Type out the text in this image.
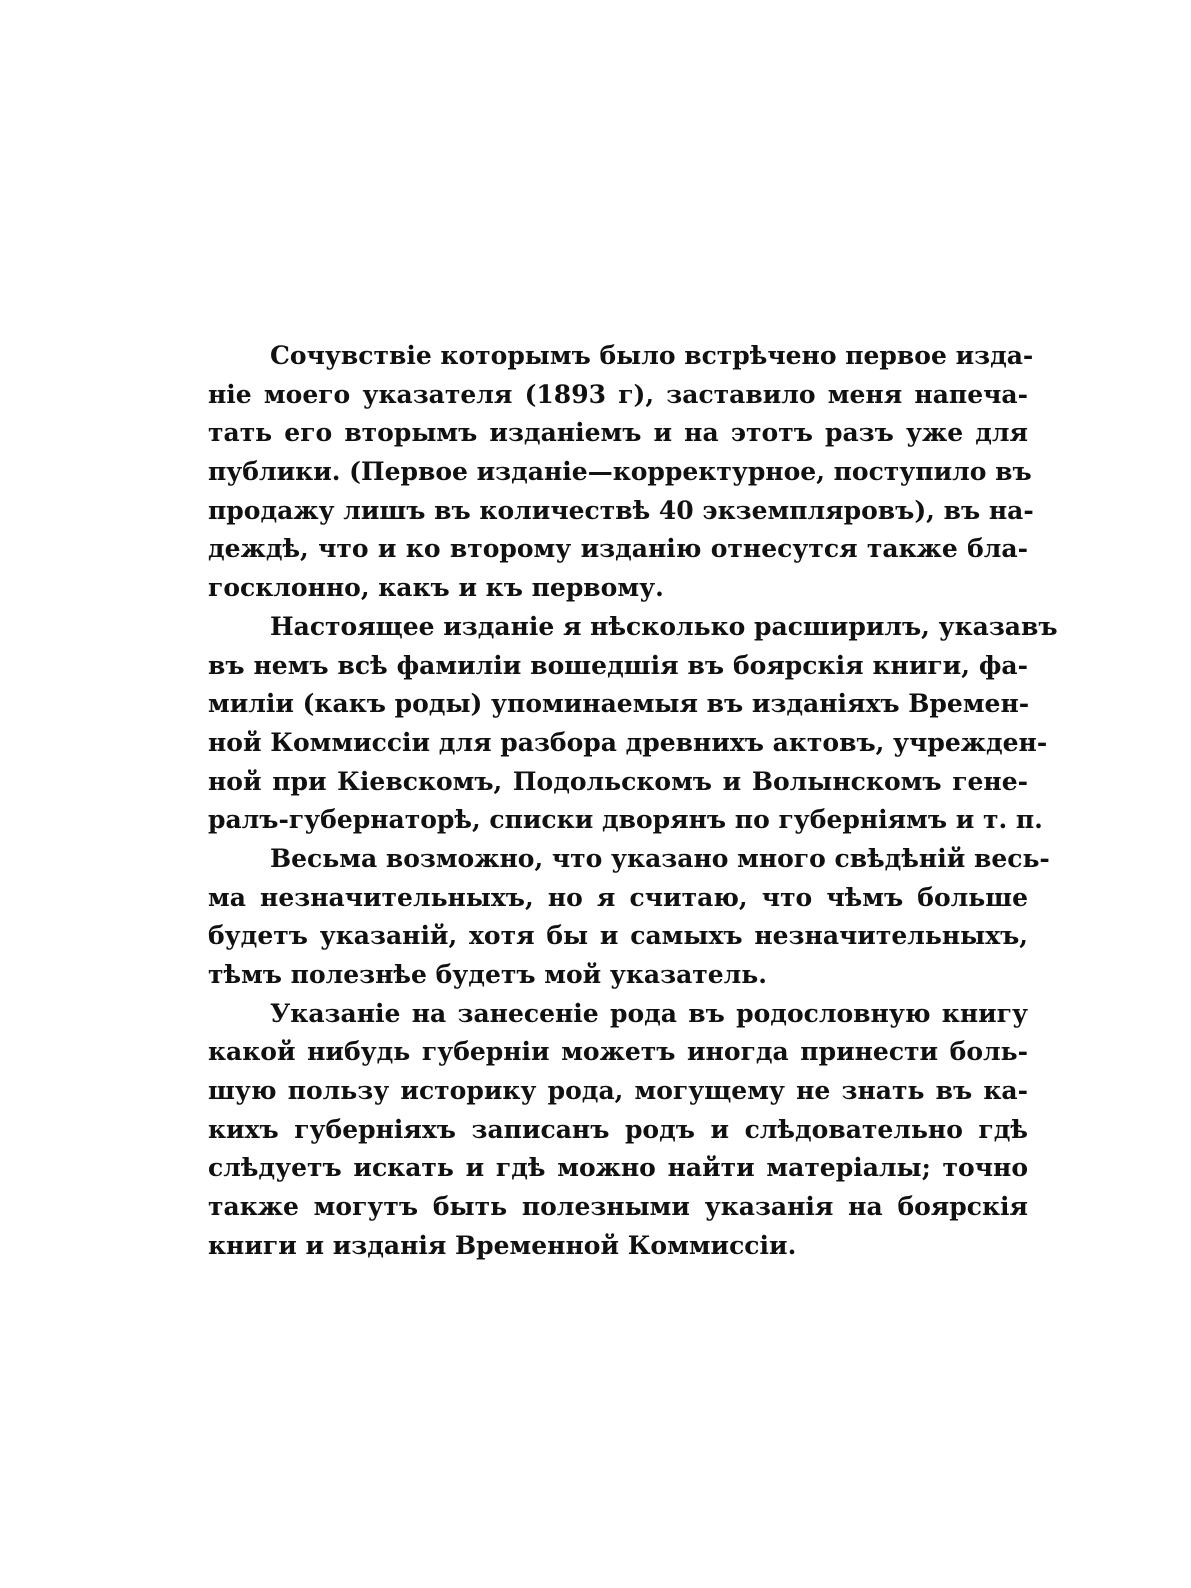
Сочувствіе которымъ было встрѣчено первое изда-
ніе моего указателя (1893 г), заставило меня напеча-
тать его вторымъ изданіемъ и на этотъ разъ уже для
публики. (Первое изданіе—корректурное, поступило въ
продажу лишъ въ количествѣ 40 экземпляровъ), въ на-
деждѣ, что и ко второму изданію отнесутся также бла-
госклонно, какъ и къ первому.
Настоящее изданіе я нѣсколько расширилъ, указавъ
въ немъ всѣ фамиліи вошедшія въ боярскія книги, фа-
миліи (какъ роды) упоминаемыя въ изданіяхъ Времен-
ной Коммиссіи для разбора древнихъ актовъ, учрежден-
ной при Кіевскомъ, Подольскомъ и Волынскомъ гене-
ралъ-губернаторѣ, списки дворянъ по губерніямъ и т. п.
Весьма возможно, что указано много свѣдѣній весь-
ма незначительныхъ, но я считаю, что чѣмъ больше
будетъ указаній, хотя бы и самыхъ незначительныхъ,
тѣмъ полезнѣе будетъ мой указатель.
Указаніе на занесеніе рода въ родословную книгу
какой нибудь губерніи можетъ иногда принести боль-
шую пользу историку рода, могущему не знать въ ка-
кихъ губерніяхъ записанъ родъ и слѣдовательно гдѣ
слѣдуетъ искать и гдѣ можно найти матеріалы; точно
также могутъ быть полезными указанія на боярскія
книги и изданія Временной Коммиссіи.
